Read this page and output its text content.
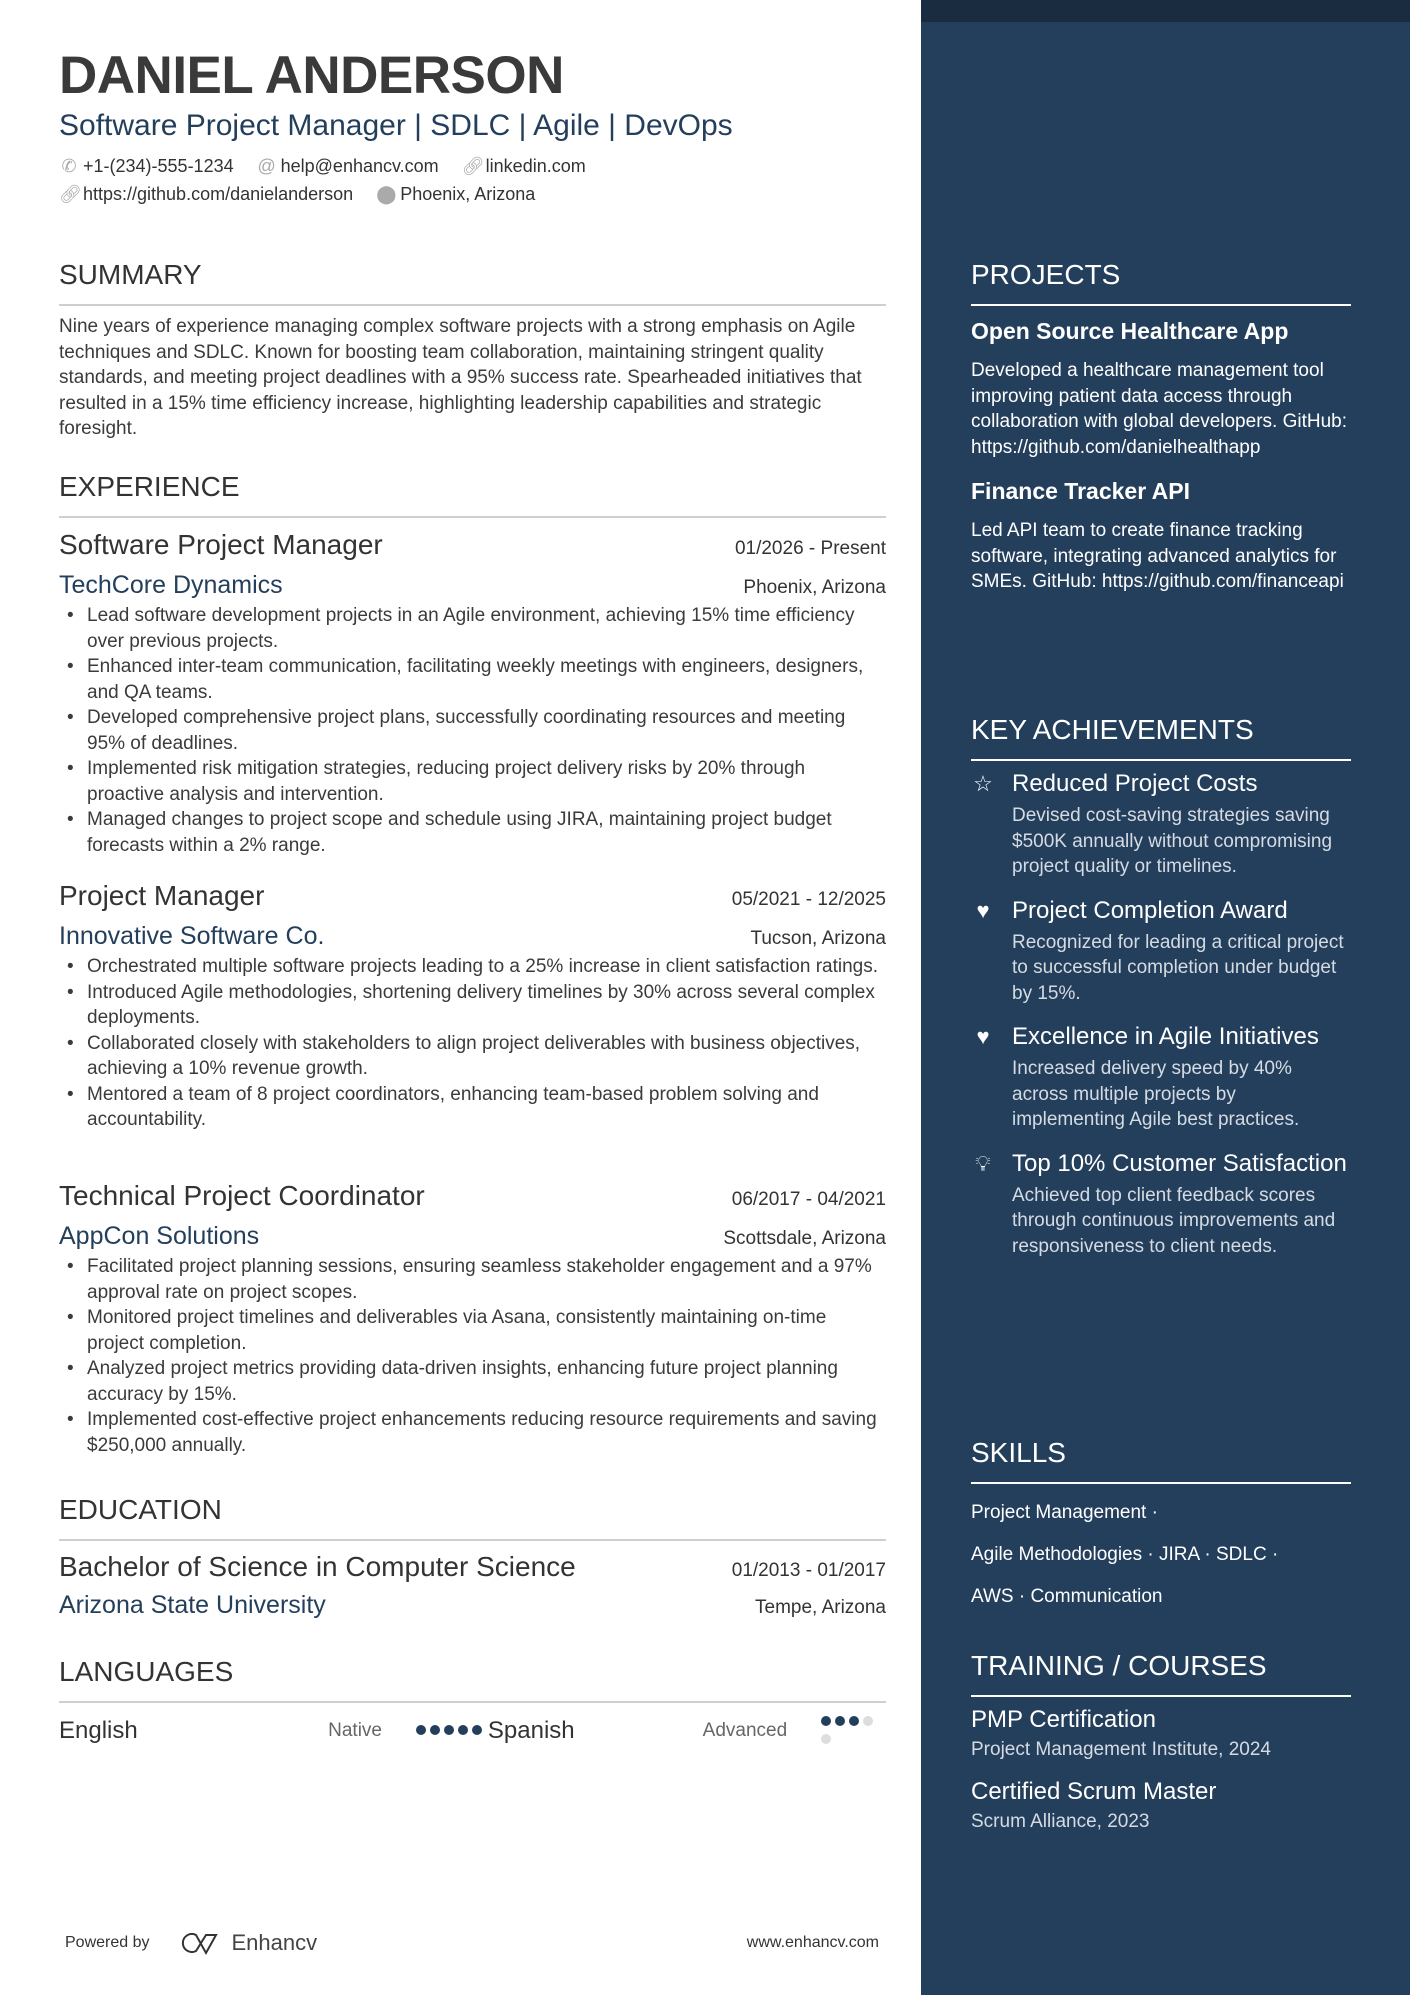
DANIEL ANDERSON
Software Project Manager | SDLC | Agile | DevOps
✆ +1-(234)-555-1234 @ help@enhancv.com 🔗︎linkedin.com
🔗︎https://github.com/danielanderson ⬤ Phoenix, Arizona
SUMMARY
Nine years of experience managing complex software projects with a strong emphasis on Agile techniques and SDLC. Known for boosting team collaboration, maintaining stringent quality standards, and meeting project deadlines with a 95% success rate. Spearheaded initiatives that resulted in a 15% time efficiency increase, highlighting leadership capabilities and strategic foresight.
EXPERIENCE
EDUCATION
Bachelor of Science in Computer Science	01/2013 - 01/2017
Arizona State University	Tempe, Arizona
LANGUAGES
English	Native	Spanish	Advanced
Powered by	Enhancv	www.enhancv.com
PROJECTS
Open Source Healthcare App
Developed a healthcare management tool improving patient data access through collaboration with global developers. GitHub: https://github.com/danielhealthapp
Finance Tracker API
Led API team to create finance tracking software, integrating advanced analytics for SMEs. GitHub: https://github.com/financeapi
KEY ACHIEVEMENTS
☆ Reduced Project Costs
Devised cost-saving strategies saving $500K annually without compromising project quality or timelines.
♥ Project Completion Award
Recognized for leading a critical project to successful completion under budget by 15%.
♥ Excellence in Agile Initiatives
Increased delivery speed by 40% across multiple projects by implementing Agile best practices.
💡︎ Top 10% Customer Satisfaction
Achieved top client feedback scores through continuous improvements and responsiveness to client needs.
SKILLS
Project Management ·
Agile Methodologies · JIRA · SDLC ·
AWS · Communication
TRAINING / COURSES
PMP Certification
Project Management Institute, 2024
Certified Scrum Master
Scrum Alliance, 2023
Software Project Manager	01/2026 - Present
TechCore Dynamics	Phoenix, Arizona
• Lead software development projects in an Agile environment, achieving 15% time efficiency over previous projects.
• Enhanced inter-team communication, facilitating weekly meetings with engineers, designers, and QA teams.
• Developed comprehensive project plans, successfully coordinating resources and meeting 95% of deadlines.
• Implemented risk mitigation strategies, reducing project delivery risks by 20% through proactive analysis and intervention.
• Managed changes to project scope and schedule using JIRA, maintaining project budget forecasts within a 2% range.
Project Manager	05/2021 - 12/2025
Innovative Software Co.	Tucson, Arizona
• Orchestrated multiple software projects leading to a 25% increase in client satisfaction ratings.
• Introduced Agile methodologies, shortening delivery timelines by 30% across several complex deployments.
• Collaborated closely with stakeholders to align project deliverables with business objectives, achieving a 10% revenue growth.
• Mentored a team of 8 project coordinators, enhancing team-based problem solving and accountability.
Technical Project Coordinator	06/2017 - 04/2021
AppCon Solutions	Scottsdale, Arizona
• Facilitated project planning sessions, ensuring seamless stakeholder engagement and a 97% approval rate on project scopes.
• Monitored project timelines and deliverables via Asana, consistently maintaining on-time project completion.
• Analyzed project metrics providing data-driven insights, enhancing future project planning accuracy by 15%.
• Implemented cost-effective project enhancements reducing resource requirements and saving $250,000 annually.
